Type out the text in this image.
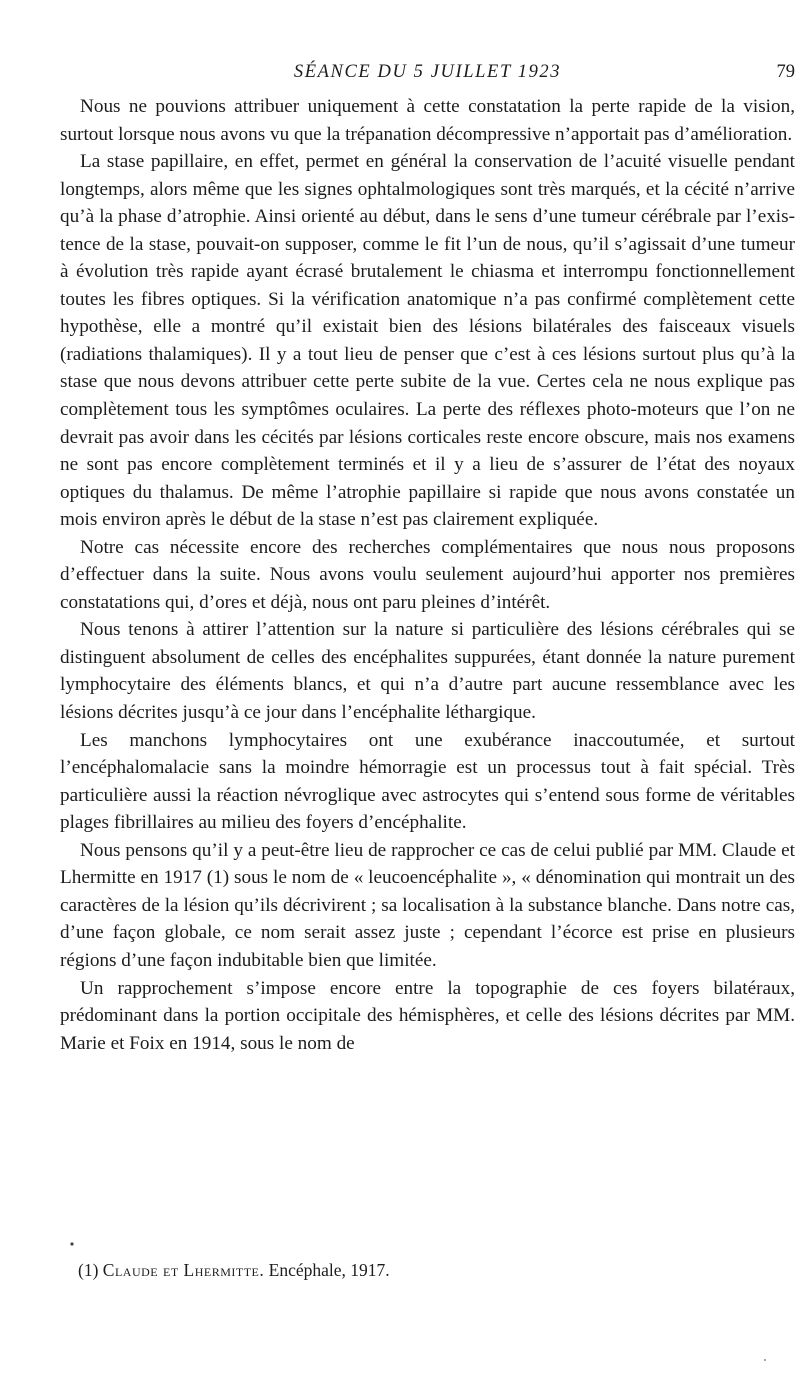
SÉANCE DU 5 JUILLET 1923	79

Nous ne pouvions attribuer uniquement à cette constatation la perte rapide de la vision, surtout lorsque nous avons vu que la trépanation décompressive n’apportait pas d’amélioration.

La stase papillaire, en effet, permet en général la conservation de l’acuité visuelle pendant longtemps, alors même que les signes ophtalmologiques sont très marqués, et la cécité n’arrive qu’à la phase d’atrophie. Ainsi orienté au début, dans le sens d’une tumeur cérébrale par l’existence de la stase, pouvait-on supposer, comme le fit l’un de nous, qu’il s’agissait d’une tumeur à évolution très rapide ayant écrasé brutalement le chiasma et interrompu fonctionnellement toutes les fibres optiques. Si la vérification anatomique n’a pas confirmé complètement cette hypothèse, elle a montré qu’il existait bien des lésions bilatérales des faisceaux visuels (radiations thalamiques). Il y a tout lieu de penser que c’est à ces lésions surtout plus qu’à la stase que nous devons attribuer cette perte subite de la vue. Certes cela ne nous explique pas complètement tous les symptômes oculaires. La perte des réflexes photo-moteurs que l’on ne devrait pas avoir dans les cécités par lésions corticales reste encore obscure, mais nos examens ne sont pas encore complètement terminés et il y a lieu de s’assurer de l’état des noyaux optiques du thalamus. De même l’atrophie papillaire si rapide que nous avons constatée un mois environ après le début de la stase n’est pas clairement expliquée.

Notre cas nécessite encore des recherches complémentaires que nous nous proposons d’effectuer dans la suite. Nous avons voulu seulement aujourd’hui apporter nos premières constatations qui, d’ores et déjà, nous ont paru pleines d’intérêt.

Nous tenons à attirer l’attention sur la nature si particulière des lésions cérébrales qui se distinguent absolument de celles des encéphalites suppurées, étant donnée la nature purement lymphocytaire des éléments blancs, et qui n’a d’autre part aucune ressemblance avec les lésions décrites jusqu’à ce jour dans l’encéphalite léthargique.

Les manchons lymphocytaires ont une exubérance inaccoutumée, et surtout l’encéphalomalacie sans la moindre hémorragie est un processus tout à fait spécial. Très particulière aussi la réaction névroglique avec astrocytes qui s’entend sous forme de véritables plages fibrillaires au milieu des foyers d’encéphalite.

Nous pensons qu’il y a peut-être lieu de rapprocher ce cas de celui publié par MM. Claude et Lhermitte en 1917 (1) sous le nom de « leucoencéphalite », « dénomination qui montrait un des caractères de la lésion qu’ils décrivirent ; sa localisation à la substance blanche. Dans notre cas, d’une façon globale, ce nom serait assez juste ; cependant l’écorce est prise en plusieurs régions d’une façon indubitable bien que limitée.

Un rapprochement s’impose encore entre la topographie de ces foyers bilatéraux, prédominant dans la portion occipitale des hémisphères, et celle des lésions décrites par MM. Marie et Foix en 1914, sous le nom de

(1) Claude et Lhermitte. Encéphale, 1917.
